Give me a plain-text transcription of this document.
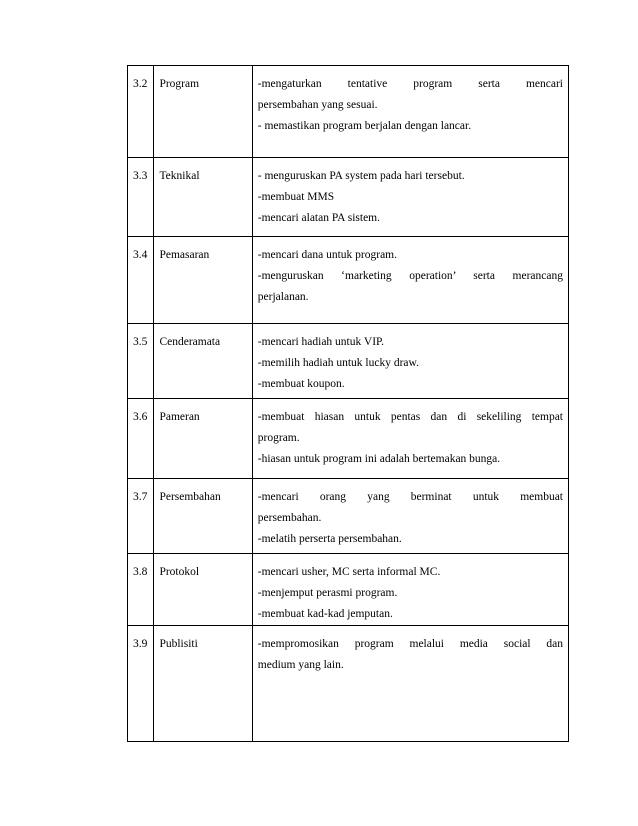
3.2	Program	-mengaturkan tentative program serta mencari
persembahan yang sesuai.
- memastikan program berjalan dengan lancar.

3.3	Teknikal	- menguruskan PA system pada hari tersebut.
-membuat MMS
-mencari alatan PA sistem.

3.4	Pemasaran	-mencari dana untuk program.
-menguruskan ‘marketing operation’ serta merancang
perjalanan.

3.5	Cenderamata	-mencari hadiah untuk VIP.
-memilih hadiah untuk lucky draw.
-membuat koupon.

3.6	Pameran	-membuat hiasan untuk pentas dan di sekeliling tempat
program.
-hiasan untuk program ini adalah bertemakan bunga.

3.7	Persembahan	-mencari orang yang berminat untuk membuat
persembahan.
-melatih perserta persembahan.

3.8	Protokol	-mencari usher, MC serta informal MC.
-menjemput perasmi program.
-membuat kad-kad jemputan.

3.9	Publisiti	-mempromosikan program melalui media social dan
medium yang lain.
